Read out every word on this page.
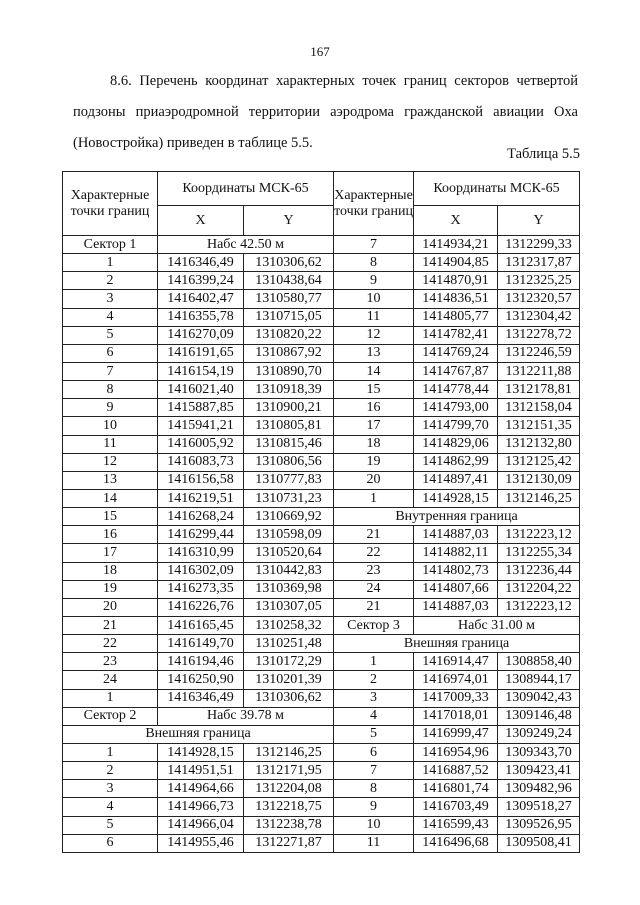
167

8.6. Перечень координат характерных точек границ секторов четвертой подзоны приаэродромной территории аэродрома гражданской авиации Оха (Новостройка) приведен в таблице 5.5.

Таблица 5.5
Характерные точки границ	Координаты МСК-65	
	X	Y
Сектор 1	Набс 42.50 м	
1	1416346,49	1310306,62
2	1416399,24	1310438,64
3	1416402,47	1310580,77
4	1416355,78	1310715,05
5	1416270,09	1310820,22
6	1416191,65	1310867,92
7	1416154,19	1310890,70
8	1416021,40	1310918,39
9	1415887,85	1310900,21
10	1415941,21	1310805,81
11	1416005,92	1310815,46
12	1416083,73	1310806,56
13	1416156,58	1310777,83
14	1416219,51	1310731,23
15	1416268,24	1310669,92
16	1416299,44	1310598,09
17	1416310,99	1310520,64
18	1416302,09	1310442,83
19	1416273,35	1310369,98
20	1416226,76	1310307,05
21	1416165,45	1310258,32
22	1416149,70	1310251,48
23	1416194,46	1310172,29
24	1416250,90	1310201,39
1	1416346,49	1310306,62
Сектор 2	Набс 39.78 м	
Внешняя граница		
1	1414928,15	1312146,25
2	1414951,51	1312171,95
3	1414964,66	1312204,08
4	1414966,73	1312218,75
5	1414966,04	1312238,78
6	1414955,46	1312271,87
Характерные точки границ	Координаты МСК-65	
	X	Y
7	1414934,21	1312299,33
8	1414904,85	1312317,87
9	1414870,91	1312325,25
10	1414836,51	1312320,57
11	1414805,77	1312304,42
12	1414782,41	1312278,72
13	1414769,24	1312246,59
14	1414767,87	1312211,88
15	1414778,44	1312178,81
16	1414793,00	1312158,04
17	1414799,70	1312151,35
18	1414829,06	1312132,80
19	1414862,99	1312125,42
20	1414897,41	1312130,09
1	1414928,15	1312146,25
Внутренняя граница		
21	1414887,03	1312223,12
22	1414882,11	1312255,34
23	1414802,73	1312236,44
24	1414807,66	1312204,22
21	1414887,03	1312223,12
Сектор 3	Набс 31.00 м	
Внешняя граница		
1	1416914,47	1308858,40
2	1416974,01	1308944,17
3	1417009,33	1309042,43
4	1417018,01	1309146,48
5	1416999,47	1309249,24
6	1416954,96	1309343,70
7	1416887,52	1309423,41
8	1416801,74	1309482,96
9	1416703,49	1309518,27
10	1416599,43	1309526,95
11	1416496,68	1309508,41
